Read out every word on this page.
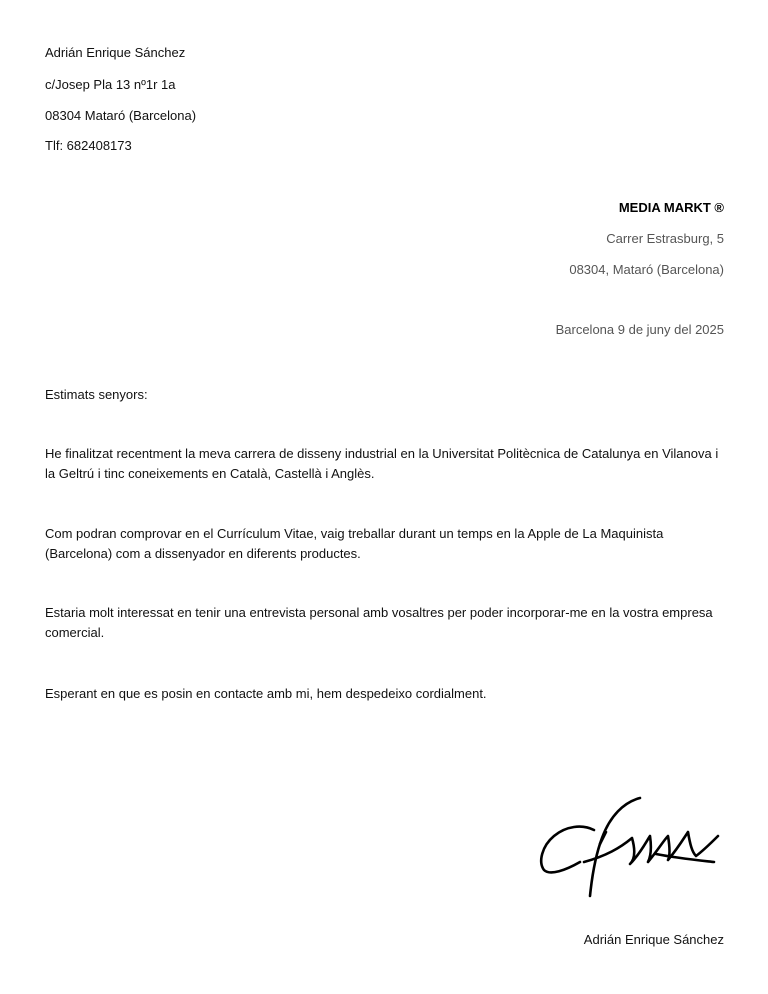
Adrián Enrique Sánchez
c/Josep Pla 13 nº1r 1a
08304 Mataró (Barcelona)
Tlf: 682408173
MEDIA MARKT ®
Carrer Estrasburg, 5
08304, Mataró (Barcelona)
Barcelona 9 de juny del 2025
Estimats senyors:
He finalitzat recentment la meva carrera de disseny industrial en la Universitat Politècnica de Catalunya en Vilanova i la Geltrú i tinc coneixements en Català, Castellà i Anglès.
Com podran comprovar en el Currículum Vitae, vaig treballar durant un temps en la Apple de La Maquinista (Barcelona) com a dissenyador en diferents productes.
Estaria molt interessat en tenir una entrevista personal amb vosaltres per poder incorporar-me en la vostra empresa comercial.
Esperant en que es posin en contacte amb mi, hem despedeixo cordialment.
Adrián Enrique Sánchez
